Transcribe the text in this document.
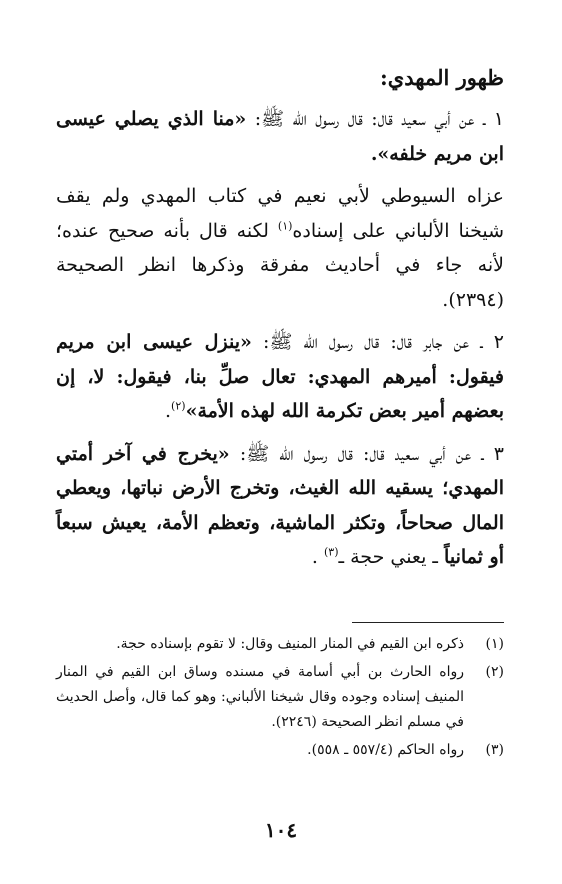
ظهور المهدي:

١ ـ عن أبي سعيد قال: قال رسول الله ﷺ: «منا الذي يصلي عيسى ابن مريم خلفه».

عزاه السيوطي لأبي نعيم في كتاب المهدي ولم يقف شيخنا الألباني على إسناده$^{(١)}$ لكنه قال بأنه صحيح عنده؛ لأنه جاء في أحاديث مفرقة وذكرها انظر الصحيحة (٢٣٩٤).

٢ ـ عن جابر قال: قال رسول الله ﷺ: «ينزل عيسى ابن مريم فيقول: أميرهم المهدي: تعال صلِّ بنا، فيقول: لا، إن بعضهم أمير بعض تكرمة الله لهذه الأمة»$^{(٢)}$.

٣ ـ عن أبي سعيد قال: قال رسول الله ﷺ: «يخرج في آخر أمتي المهدي؛ يسقيه الله الغيث، وتخرج الأرض نباتها، ويعطي المال صحاحاً، وتكثر الماشية، وتعظم الأمة، يعيش سبعاً أو ثمانياً ـ يعني حجة ـ$^{(٣)}$ .

(١)
ذكره ابن القيم في المنار المنيف وقال: لا تقوم بإسناده حجة.
(٢)
رواه الحارث بن أبي أسامة في مسنده وساق ابن القيم في المنار المنيف إسناده وجوده وقال شيخنا الألباني: وهو كما قال، وأصل الحديث في مسلم انظر الصحيحة (٢٢٤٦).
(٣)
رواه الحاكم (٥٥٧/٤ ـ ٥٥٨).
١٠٤
